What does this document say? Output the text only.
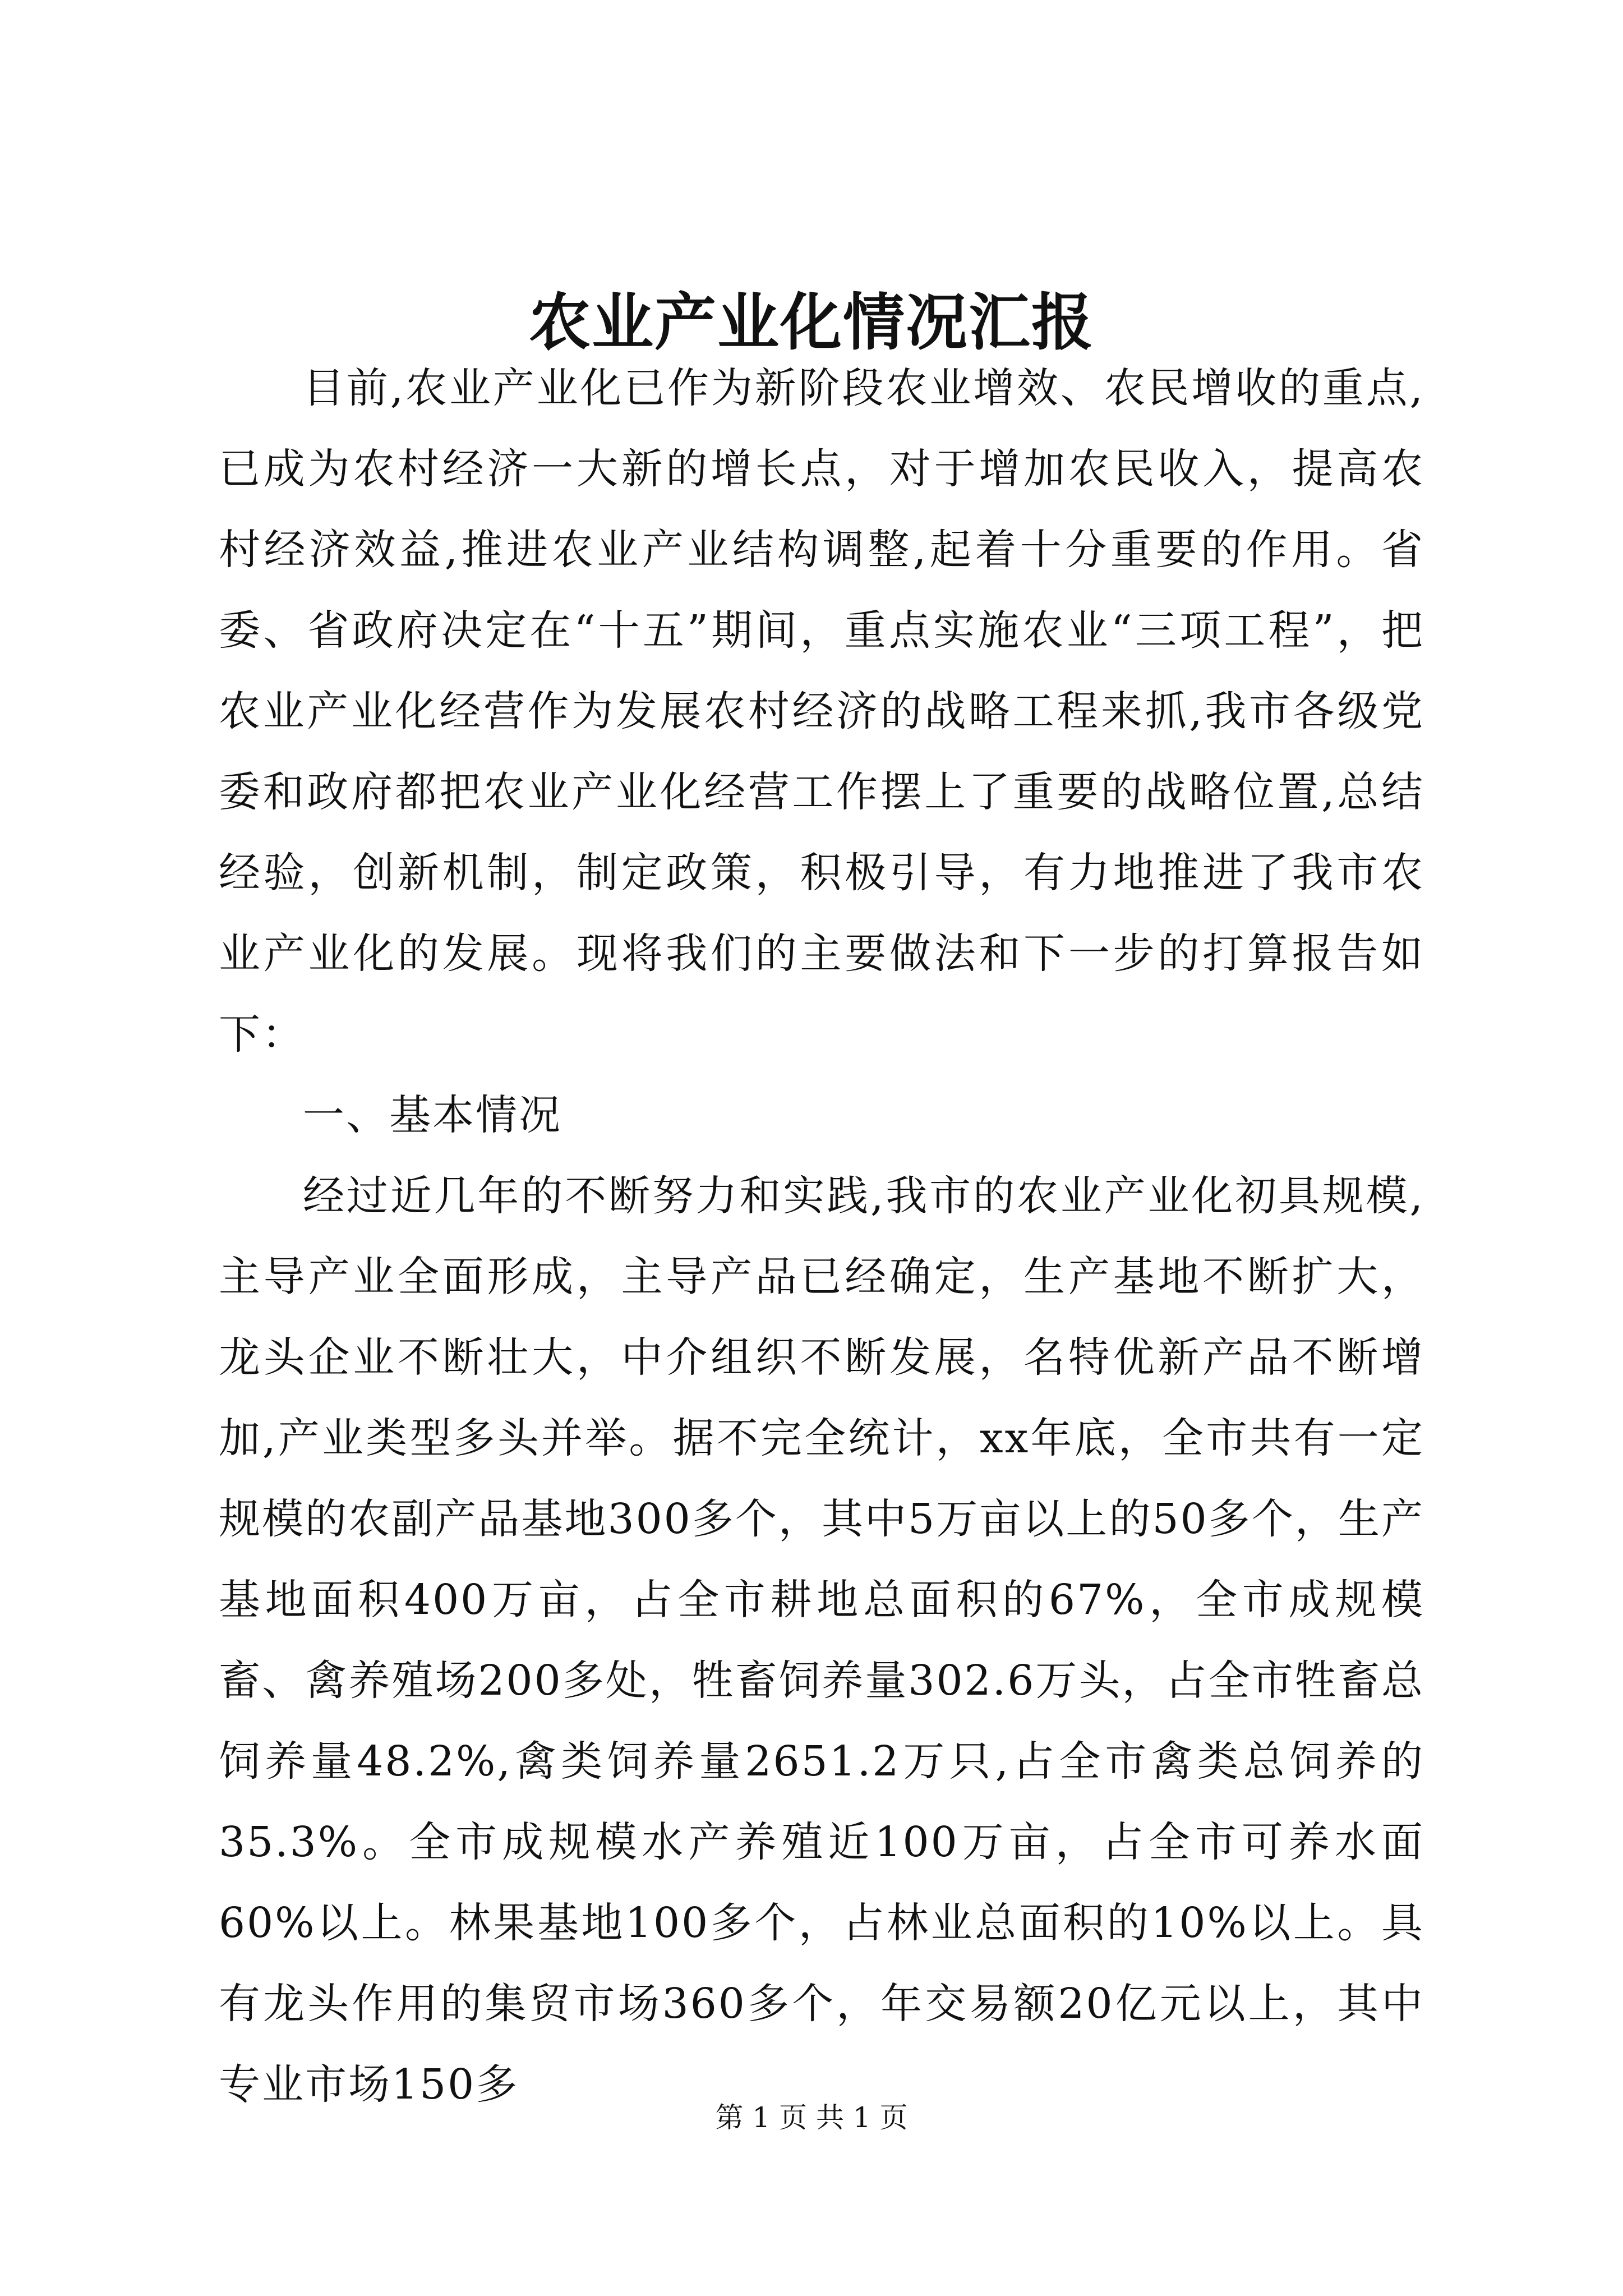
农业产业化情况汇报

目前,农业产业化已作为新阶段农业增效、农民增收的重点,已成为农村经济一大新的增长点，对于增加农民收入，提高农村经济效益,推进农业产业结构调整,起着十分重要的作用。省委、省政府决定在“十五”期间，重点实施农业“三项工程”，把农业产业化经营作为发展农村经济的战略工程来抓,我市各级党委和政府都把农业产业化经营工作摆上了重要的战略位置,总结经验，创新机制，制定政策，积极引导，有力地推进了我市农业产业化的发展。现将我们的主要做法和下一步的打算报告如下：

一、基本情况

经过近几年的不断努力和实践,我市的农业产业化初具规模,主导产业全面形成，主导产品已经确定，生产基地不断扩大，龙头企业不断壮大，中介组织不断发展，名特优新产品不断增加,产业类型多头并举。据不完全统计，xx年底，全市共有一定规模的农副产品基地300多个，其中5万亩以上的50多个，生产基地面积400万亩，占全市耕地总面积的67%，全市成规模畜、禽养殖场200多处，牲畜饲养量302.6万头，占全市牲畜总饲养量48.2%,禽类饲养量2651.2万只,占全市禽类总饲养的35.3%。全市成规模水产养殖近100万亩，占全市可养水面60%以上。林果基地100多个，占林业总面积的10%以上。具有龙头作用的集贸市场360多个，年交易额20亿元以上，其中专业市场150多

第 1 页 共 1 页
